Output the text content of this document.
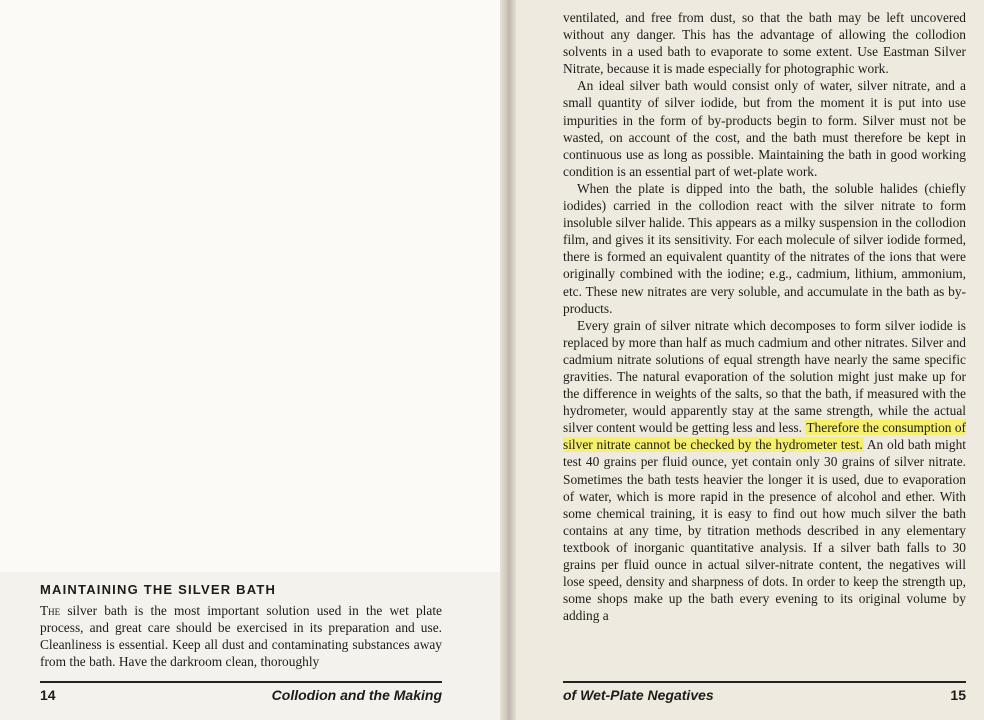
MAINTAINING THE SILVER BATH

The silver bath is the most important solution used in the wet plate process, and great care should be exercised in its preparation and use. Cleanliness is essential. Keep all dust and contaminating substances away from the bath. Have the darkroom clean, thoroughly

14	Collodion and the Making

ventilated, and free from dust, so that the bath may be left uncovered without any danger. This has the advantage of allowing the collodion solvents in a used bath to evaporate to some extent. Use Eastman Silver Nitrate, because it is made especially for photographic work.

An ideal silver bath would consist only of water, silver nitrate, and a small quantity of silver iodide, but from the moment it is put into use impurities in the form of by-products begin to form. Silver must not be wasted, on account of the cost, and the bath must therefore be kept in continuous use as long as possible. Maintaining the bath in good working condition is an essential part of wet-plate work.

When the plate is dipped into the bath, the soluble halides (chiefly iodides) carried in the collodion react with the silver nitrate to form insoluble silver halide. This appears as a milky suspension in the collodion film, and gives it its sensitivity. For each molecule of silver iodide formed, there is formed an equivalent quantity of the nitrates of the ions that were originally combined with the iodine; e.g., cadmium, lithium, ammonium, etc. These new nitrates are very soluble, and accumulate in the bath as by-products.

Every grain of silver nitrate which decomposes to form silver iodide is replaced by more than half as much cadmium and other nitrates. Silver and cadmium nitrate solutions of equal strength have nearly the same specific gravities. The natural evaporation of the solution might just make up for the difference in weights of the salts, so that the bath, if measured with the hydrometer, would apparently stay at the same strength, while the actual silver content would be getting less and less. Therefore the consumption of silver nitrate cannot be checked by the hydrometer test. An old bath might test 40 grains per fluid ounce, yet contain only 30 grains of silver nitrate. Sometimes the bath tests heavier the longer it is used, due to evaporation of water, which is more rapid in the presence of alcohol and ether. With some chemical training, it is easy to find out how much silver the bath contains at any time, by titration methods described in any elementary textbook of inorganic quantitative analysis. If a silver bath falls to 30 grains per fluid ounce in actual silver-nitrate content, the negatives will lose speed, density and sharpness of dots. In order to keep the strength up, some shops make up the bath every evening to its original volume by adding a

of Wet-Plate Negatives	15
